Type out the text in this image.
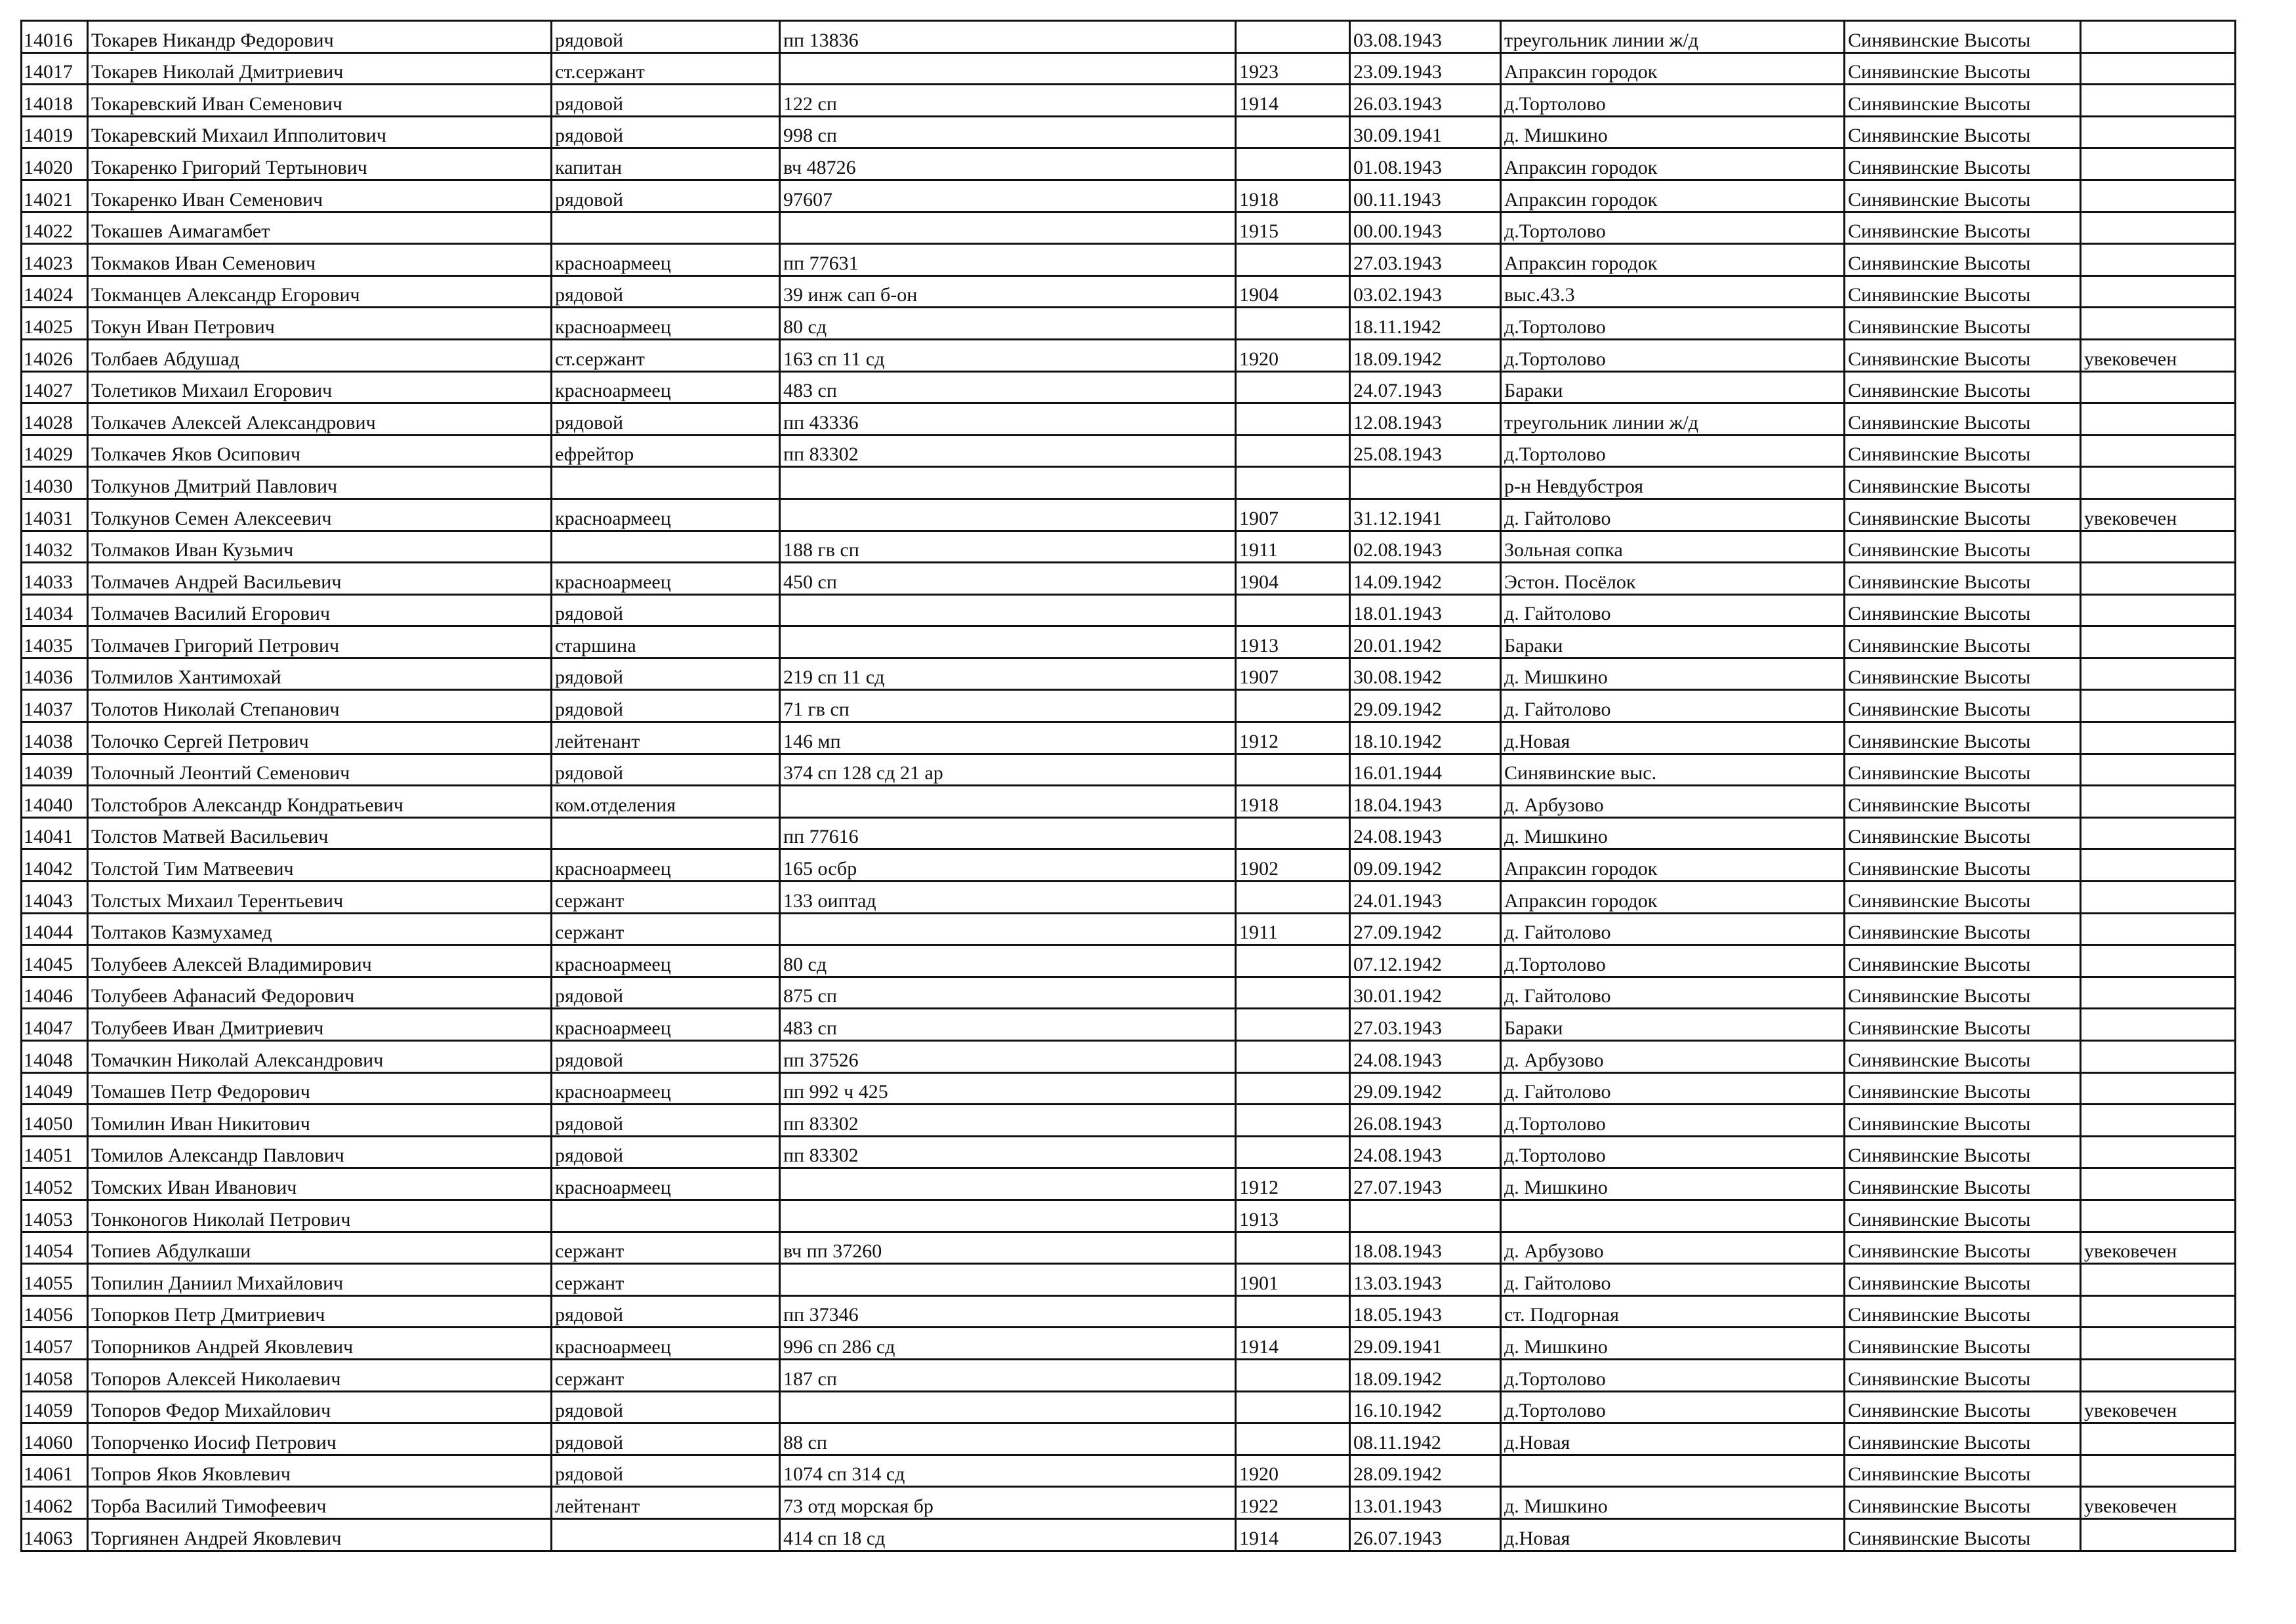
14016	Токарев Никандр Федорович	рядовой	пп 13836		03.08.1943	треугольник линии ж/д	Синявинские Высоты	
14017	Токарев Николай Дмитриевич	ст.сержант		1923	23.09.1943	Апраксин городок	Синявинские Высоты	
14018	Токаревский Иван Семенович	рядовой	122 сп	1914	26.03.1943	д.Тортолово	Синявинские Высоты	
14019	Токаревский Михаил Ипполитович	рядовой	998 сп		30.09.1941	д. Мишкино	Синявинские Высоты	
14020	Токаренко Григорий Тертынович	капитан	вч 48726		01.08.1943	Апраксин городок	Синявинские Высоты	
14021	Токаренко Иван Семенович	рядовой	97607	1918	00.11.1943	Апраксин городок	Синявинские Высоты	
14022	Токашев Аимагамбет			1915	00.00.1943	д.Тортолово	Синявинские Высоты	
14023	Токмаков Иван Семенович	красноармеец	пп 77631		27.03.1943	Апраксин городок	Синявинские Высоты	
14024	Токманцев Александр Егорович	рядовой	39 инж сап б-он	1904	03.02.1943	выс.43.3	Синявинские Высоты	
14025	Токун Иван Петрович	красноармеец	80 сд		18.11.1942	д.Тортолово	Синявинские Высоты	
14026	Толбаев Абдушад	ст.сержант	163 сп 11 сд	1920	18.09.1942	д.Тортолово	Синявинские Высоты	увековечен
14027	Толетиков Михаил Егорович	красноармеец	483 сп		24.07.1943	Бараки	Синявинские Высоты	
14028	Толкачев Алексей Александрович	рядовой	пп 43336		12.08.1943	треугольник линии ж/д	Синявинские Высоты	
14029	Толкачев Яков Осипович	ефрейтор	пп 83302		25.08.1943	д.Тортолово	Синявинские Высоты	
14030	Толкунов Дмитрий Павлович					р-н Невдубстроя	Синявинские Высоты	
14031	Толкунов Семен Алексеевич	красноармеец		1907	31.12.1941	д. Гайтолово	Синявинские Высоты	увековечен
14032	Толмаков Иван Кузьмич		188 гв сп	1911	02.08.1943	Зольная сопка	Синявинские Высоты	
14033	Толмачев Андрей Васильевич	красноармеец	450 сп	1904	14.09.1942	Эстон. Посёлок	Синявинские Высоты	
14034	Толмачев Василий Егорович	рядовой			18.01.1943	д. Гайтолово	Синявинские Высоты	
14035	Толмачев Григорий Петрович	старшина		1913	20.01.1942	Бараки	Синявинские Высоты	
14036	Толмилов Хантимохай	рядовой	219 сп 11 сд	1907	30.08.1942	д. Мишкино	Синявинские Высоты	
14037	Толотов Николай Степанович	рядовой	71 гв сп		29.09.1942	д. Гайтолово	Синявинские Высоты	
14038	Толочко Сергей Петрович	лейтенант	146 мп	1912	18.10.1942	д.Новая	Синявинские Высоты	
14039	Толочный Леонтий Семенович	рядовой	374 сп 128 сд 21 ар		16.01.1944	Синявинские выс.	Синявинские Высоты	
14040	Толстобров Александр Кондратьевич	ком.отделения		1918	18.04.1943	д. Арбузово	Синявинские Высоты	
14041	Толстов Матвей Васильевич		пп 77616		24.08.1943	д. Мишкино	Синявинские Высоты	
14042	Толстой Тим Матвеевич	красноармеец	165 осбр	1902	09.09.1942	Апраксин городок	Синявинские Высоты	
14043	Толстых Михаил Терентьевич	сержант	133 оиптад		24.01.1943	Апраксин городок	Синявинские Высоты	
14044	Толтаков Казмухамед	сержант		1911	27.09.1942	д. Гайтолово	Синявинские Высоты	
14045	Толубеев Алексей Владимирович	красноармеец	80 сд		07.12.1942	д.Тортолово	Синявинские Высоты	
14046	Толубеев Афанасий Федорович	рядовой	875 сп		30.01.1942	д. Гайтолово	Синявинские Высоты	
14047	Толубеев Иван Дмитриевич	красноармеец	483 сп		27.03.1943	Бараки	Синявинские Высоты	
14048	Томачкин Николай Александрович	рядовой	пп 37526		24.08.1943	д. Арбузово	Синявинские Высоты	
14049	Томашев Петр Федорович	красноармеец	пп 992 ч 425		29.09.1942	д. Гайтолово	Синявинские Высоты	
14050	Томилин Иван Никитович	рядовой	пп 83302		26.08.1943	д.Тортолово	Синявинские Высоты	
14051	Томилов Александр Павлович	рядовой	пп 83302		24.08.1943	д.Тортолово	Синявинские Высоты	
14052	Томских Иван Иванович	красноармеец		1912	27.07.1943	д. Мишкино	Синявинские Высоты	
14053	Тонконогов Николай Петрович			1913			Синявинские Высоты	
14054	Топиев Абдулкаши	сержант	вч пп 37260		18.08.1943	д. Арбузово	Синявинские Высоты	увековечен
14055	Топилин Даниил Михайлович	сержант		1901	13.03.1943	д. Гайтолово	Синявинские Высоты	
14056	Топорков Петр Дмитриевич	рядовой	пп 37346		18.05.1943	ст. Подгорная	Синявинские Высоты	
14057	Топорников Андрей Яковлевич	красноармеец	996 сп 286 сд	1914	29.09.1941	д. Мишкино	Синявинские Высоты	
14058	Топоров Алексей Николаевич	сержант	187 сп		18.09.1942	д.Тортолово	Синявинские Высоты	
14059	Топоров Федор Михайлович	рядовой			16.10.1942	д.Тортолово	Синявинские Высоты	увековечен
14060	Топорченко Иосиф Петрович	рядовой	88 сп		08.11.1942	д.Новая	Синявинские Высоты	
14061	Топров Яков Яковлевич	рядовой	1074 сп 314 сд	1920	28.09.1942		Синявинские Высоты	
14062	Торба Василий Тимофеевич	лейтенант	73 отд морская бр	1922	13.01.1943	д. Мишкино	Синявинские Высоты	увековечен
14063	Торгиянен Андрей Яковлевич		414 сп 18 сд	1914	26.07.1943	д.Новая	Синявинские Высоты	
